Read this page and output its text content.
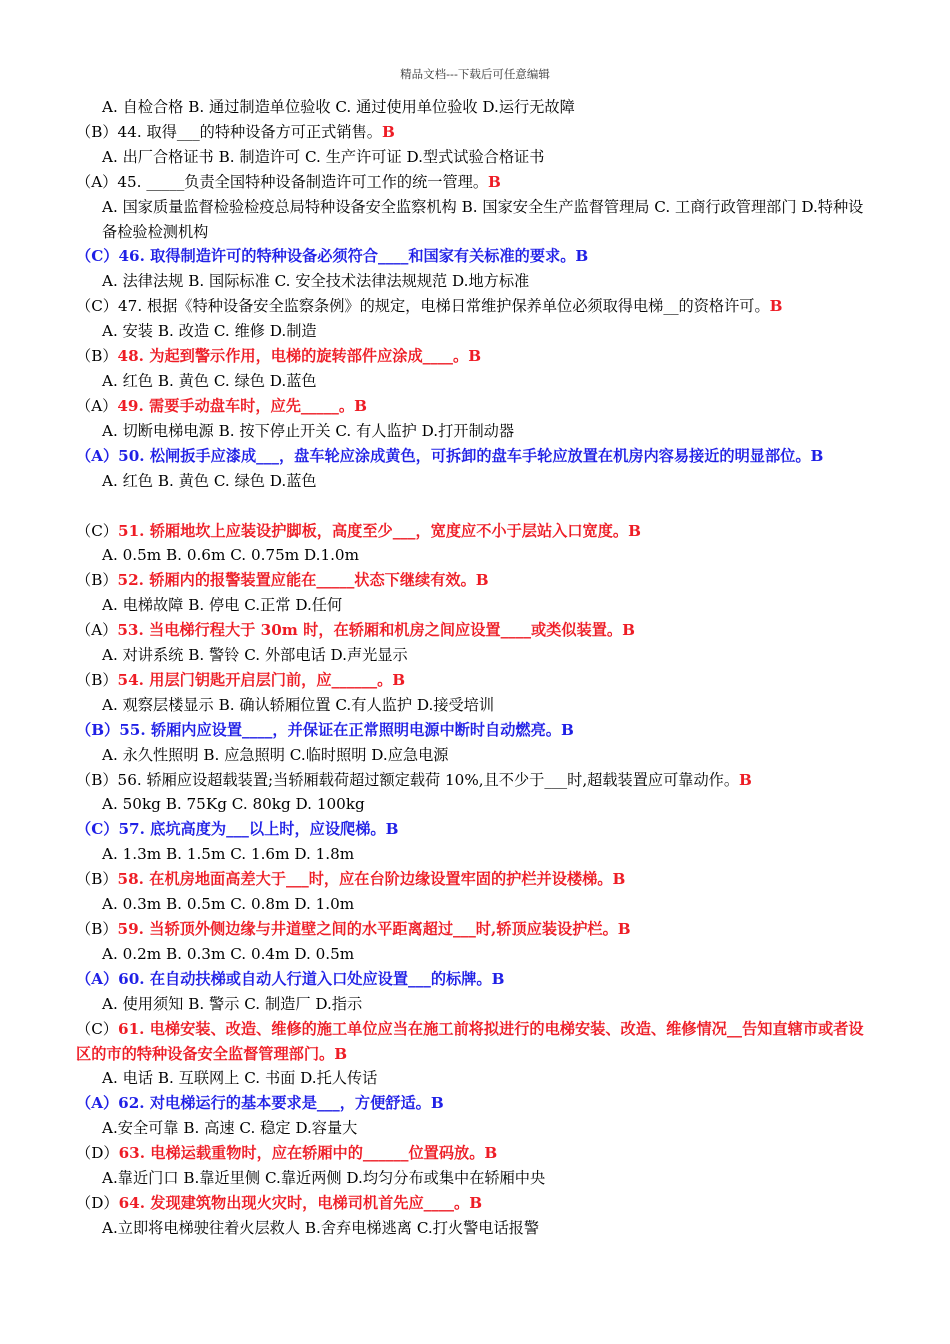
精品文档---下载后可任意编辑
A. 自检合格 B. 通过制造单位验收 C. 通过使用单位验收 D.运行无故障
（B）44. 取得___的特种设备方可正式销售。B
A. 出厂合格证书 B. 制造许可 C. 生产许可证 D.型式试验合格证书
（A）45. _____负责全国特种设备制造许可工作的统一管理。B
A. 国家质量监督检验检疫总局特种设备安全监察机构 B. 国家安全生产监督管理局 C. 工商行政管理部门 D.特种设备检验检测机构
（C）46. 取得制造许可的特种设备必须符合____和国家有关标准的要求。B
A. 法律法规 B. 国际标准 C. 安全技术法律法规规范 D.地方标准
（C）47. 根据《特种设备安全监察条例》的规定，电梯日常维护保养单位必须取得电梯__的资格许可。B
A. 安装 B. 改造 C. 维修 D.制造
（B）48. 为起到警示作用，电梯的旋转部件应涂成____。B
A. 红色 B. 黄色 C. 绿色 D.蓝色
（A）49. 需要手动盘车时，应先_____。B
A. 切断电梯电源 B. 按下停止开关 C. 有人监护 D.打开制动器
（A）50. 松闸扳手应漆成___，盘车轮应涂成黄色，可拆卸的盘车手轮应放置在机房内容易接近的明显部位。B
A. 红色 B. 黄色 C. 绿色 D.蓝色
（C）51. 轿厢地坎上应装设护脚板，高度至少___，宽度应不小于层站入口宽度。B
A. 0.5m B. 0.6m C. 0.75m D.1.0m
（B）52. 轿厢内的报警装置应能在_____状态下继续有效。B
A. 电梯故障 B. 停电 C.正常 D.任何
（A）53. 当电梯行程大于 30m 时，在轿厢和机房之间应设置____或类似装置。B
A. 对讲系统 B. 警铃 C. 外部电话 D.声光显示
（B）54. 用层门钥匙开启层门前，应______。B
A. 观察层楼显示 B. 确认轿厢位置 C.有人监护 D.接受培训
（B）55. 轿厢内应设置____，并保证在正常照明电源中断时自动燃亮。B
A. 永久性照明 B. 应急照明 C.临时照明 D.应急电源
（B）56. 轿厢应设超载装置;当轿厢载荷超过额定载荷 10%,且不少于___时,超载装置应可靠动作。B
A. 50kg B. 75Kg C. 80kg D. 100kg
（C）57. 底坑高度为___以上时，应设爬梯。B
A. 1.3m B. 1.5m C. 1.6m D. 1.8m
（B）58. 在机房地面高差大于___时，应在台阶边缘设置牢固的护栏并设楼梯。B
A. 0.3m B. 0.5m C. 0.8m D. 1.0m
（B）59. 当轿顶外侧边缘与井道壁之间的水平距离超过___时,轿顶应装设护栏。B
A. 0.2m B. 0.3m C. 0.4m D. 0.5m
（A）60. 在自动扶梯或自动人行道入口处应设置___的标牌。B
A. 使用须知 B. 警示 C. 制造厂 D.指示
（C）61. 电梯安装、改造、维修的施工单位应当在施工前将拟进行的电梯安装、改造、维修情况__告知直辖市或者设区的市的特种设备安全监督管理部门。B
A. 电话 B. 互联网上 C. 书面 D.托人传话
（A）62. 对电梯运行的基本要求是___，方便舒适。B
A.安全可靠 B. 高速 C. 稳定 D.容量大
（D）63. 电梯运载重物时，应在轿厢中的______位置码放。B
A.靠近门口 B.靠近里侧 C.靠近两侧 D.均匀分布或集中在轿厢中央
（D）64. 发现建筑物出现火灾时，电梯司机首先应____。B
A.立即将电梯驶往着火层救人 B.舍弃电梯逃离 C.打火警电话报警
